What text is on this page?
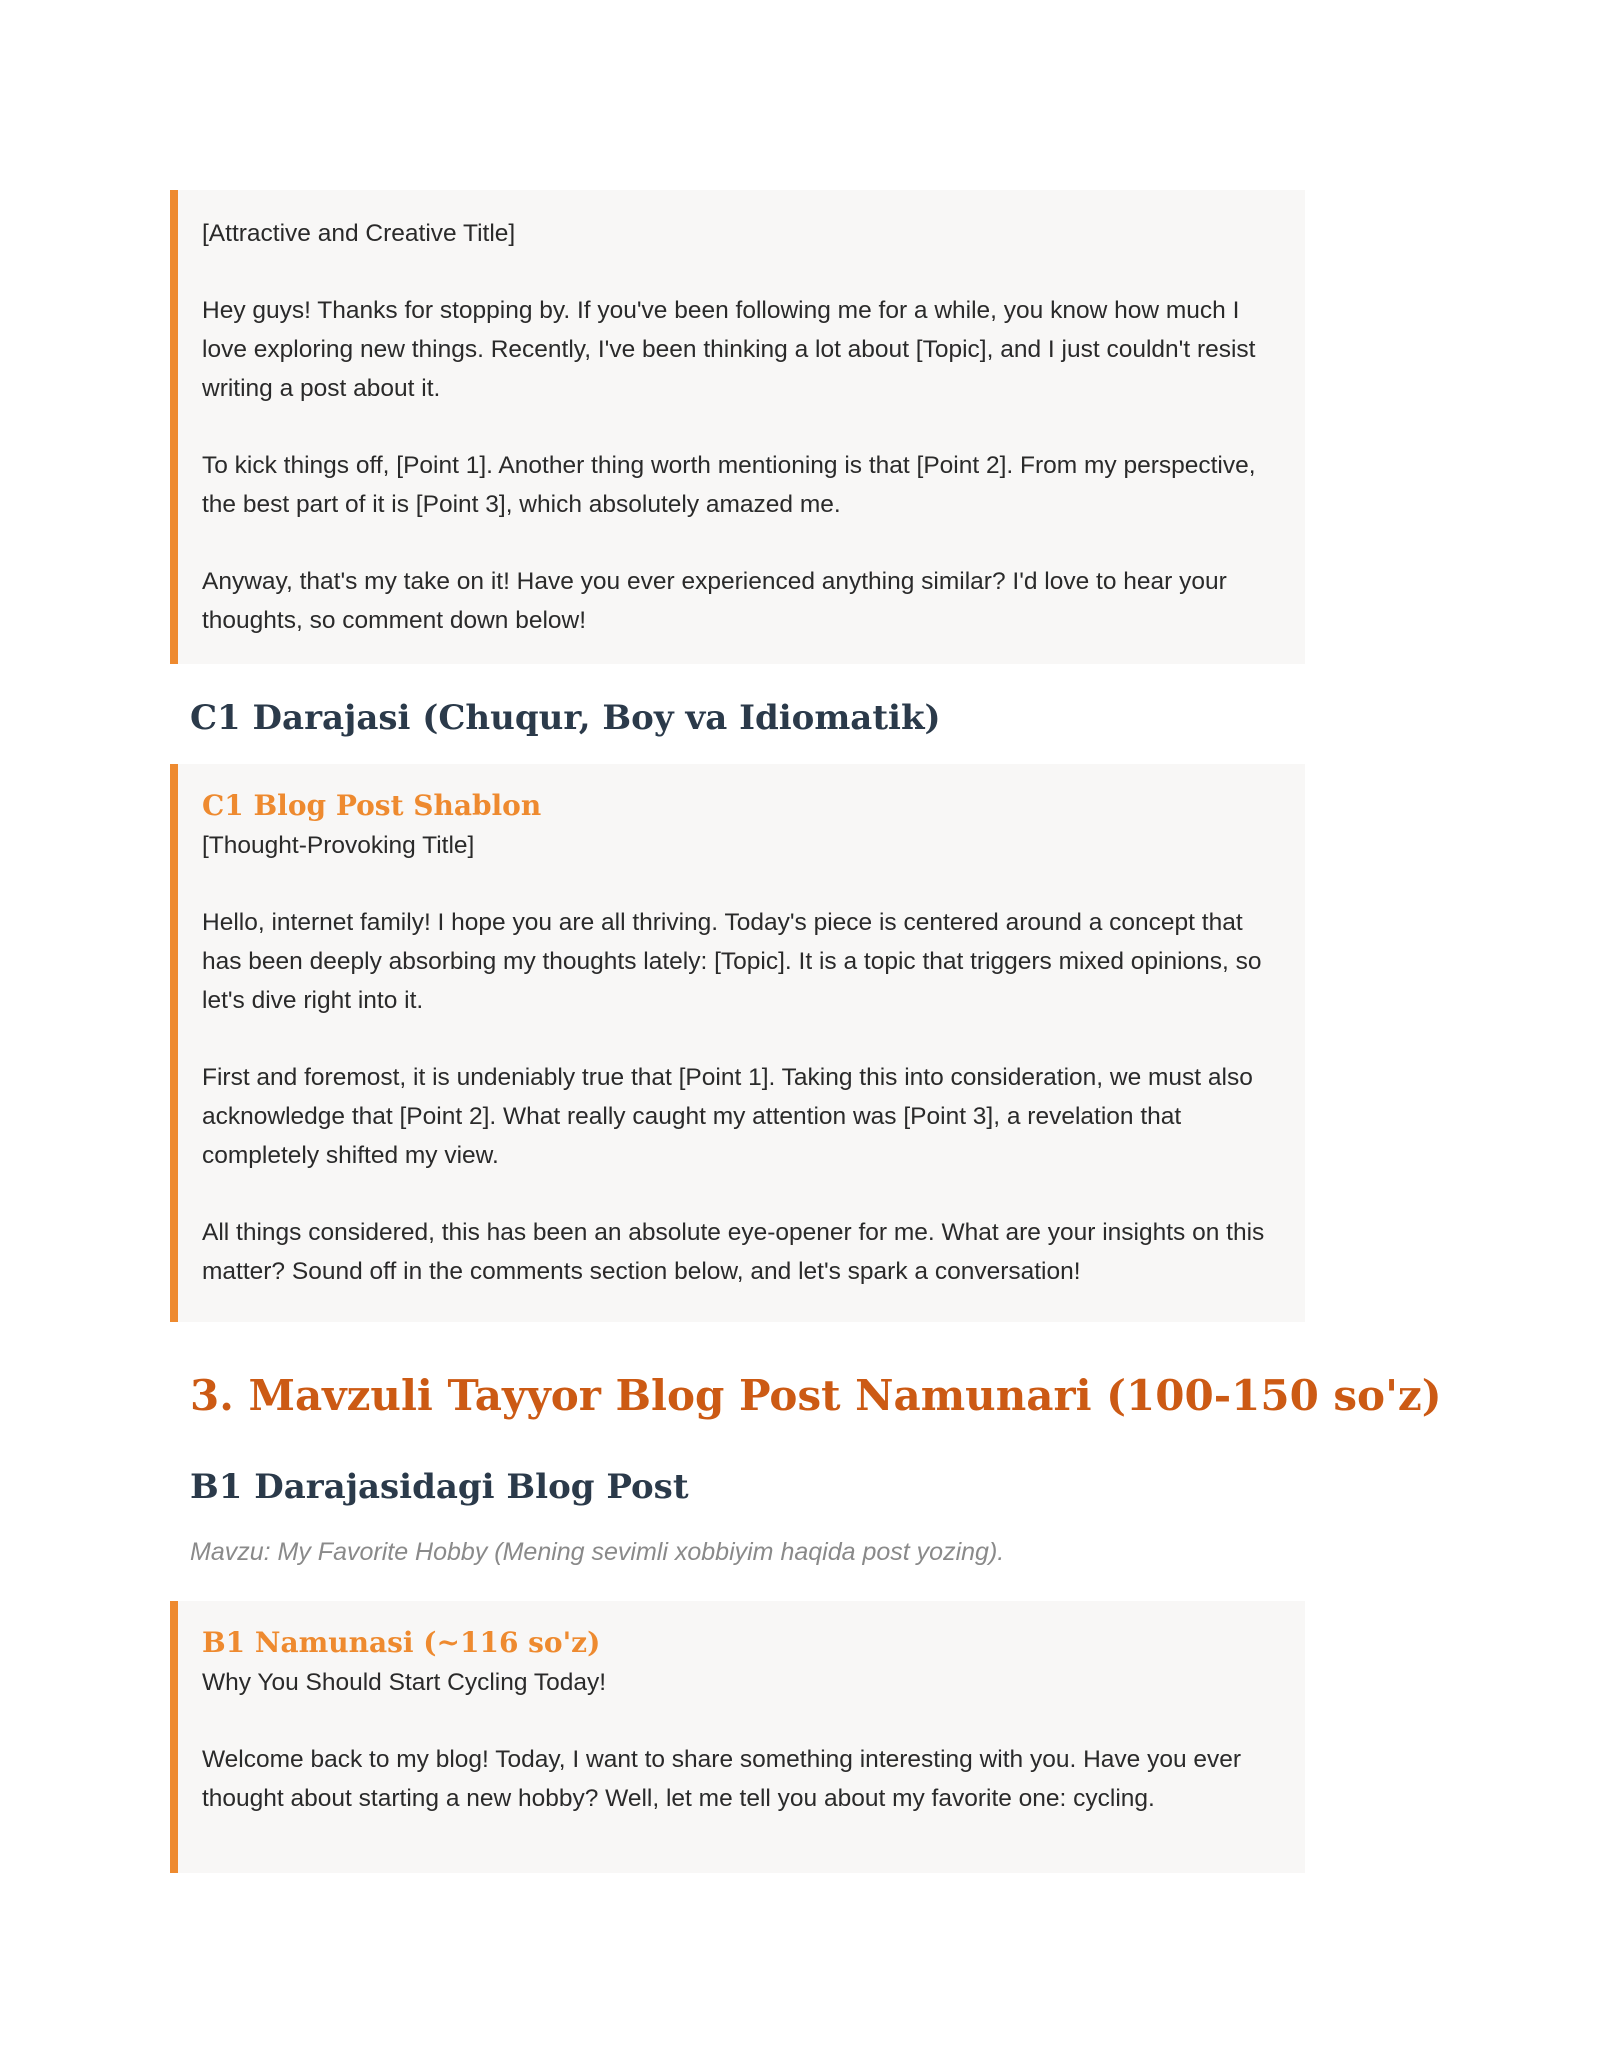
[Attractive and Creative Title]

Hey guys! Thanks for stopping by. If you've been following me for a while, you know how much I love exploring new things. Recently, I've been thinking a lot about [Topic], and I just couldn't resist writing a post about it.

To kick things off, [Point 1]. Another thing worth mentioning is that [Point 2]. From my perspective, the best part of it is [Point 3], which absolutely amazed me.

Anyway, that's my take on it! Have you ever experienced anything similar? I'd love to hear your thoughts, so comment down below!

C1 Darajasi (Chuqur, Boy va Idiomatik)
C1 Blog Post Shablon

[Thought-Provoking Title]

Hello, internet family! I hope you are all thriving. Today's piece is centered around a concept that has been deeply absorbing my thoughts lately: [Topic]. It is a topic that triggers mixed opinions, so let's dive right into it.

First and foremost, it is undeniably true that [Point 1]. Taking this into consideration, we must also acknowledge that [Point 2]. What really caught my attention was [Point 3], a revelation that completely shifted my view.

All things considered, this has been an absolute eye-opener for me. What are your insights on this matter? Sound off in the comments section below, and let's spark a conversation!

3. Mavzuli Tayyor Blog Post Namunari (100-150 so'z)
B1 Darajasidagi Blog Post

Mavzu: My Favorite Hobby (Mening sevimli xobbiyim haqida post yozing).

B1 Namunasi (~116 so'z)

Why You Should Start Cycling Today!

Welcome back to my blog! Today, I want to share something interesting with you. Have you ever thought about starting a new hobby? Well, let me tell you about my favorite one: cycling.
